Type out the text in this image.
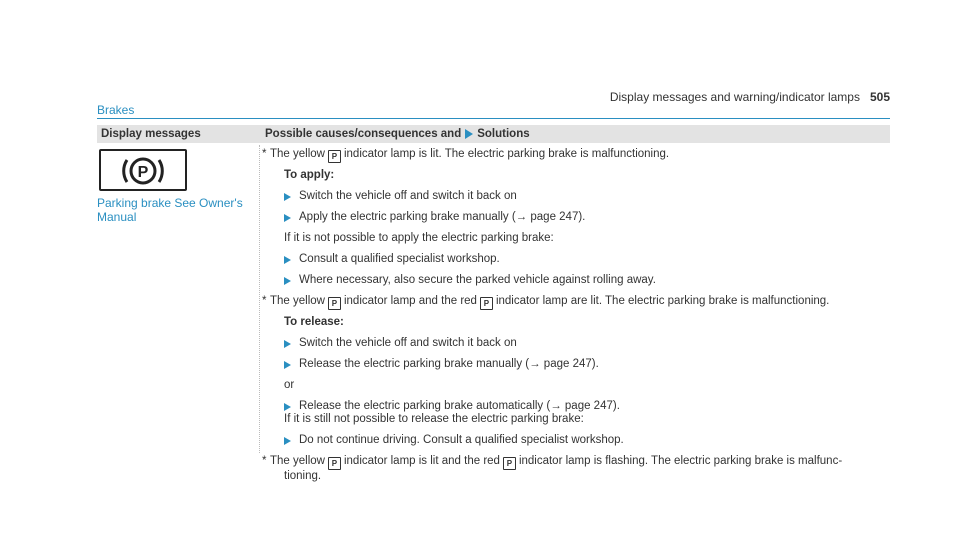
Display messages and warning/indicator lamps 505
Brakes
Display messages	Possible causes/consequences and Solutions
P
Parking brake See Owner's Manual
* The yellow P indicator lamp is lit. The electric parking brake is malfunctioning.
To apply:
Switch the vehicle off and switch it back on
Apply the electric parking brake manually (→ page 247).
If it is not possible to apply the electric parking brake:
Consult a qualified specialist workshop.
Where necessary, also secure the parked vehicle against rolling away.
* The yellow P indicator lamp and the red P indicator lamp are lit. The electric parking brake is malfunctioning.
To release:
Switch the vehicle off and switch it back on
Release the electric parking brake manually (→ page 247).
or
Release the electric parking brake automatically (→ page 247).
If it is still not possible to release the electric parking brake:
Do not continue driving. Consult a qualified specialist workshop.
* The yellow P indicator lamp is lit and the red P indicator lamp is flashing. The electric parking brake is malfunc-
tioning.
